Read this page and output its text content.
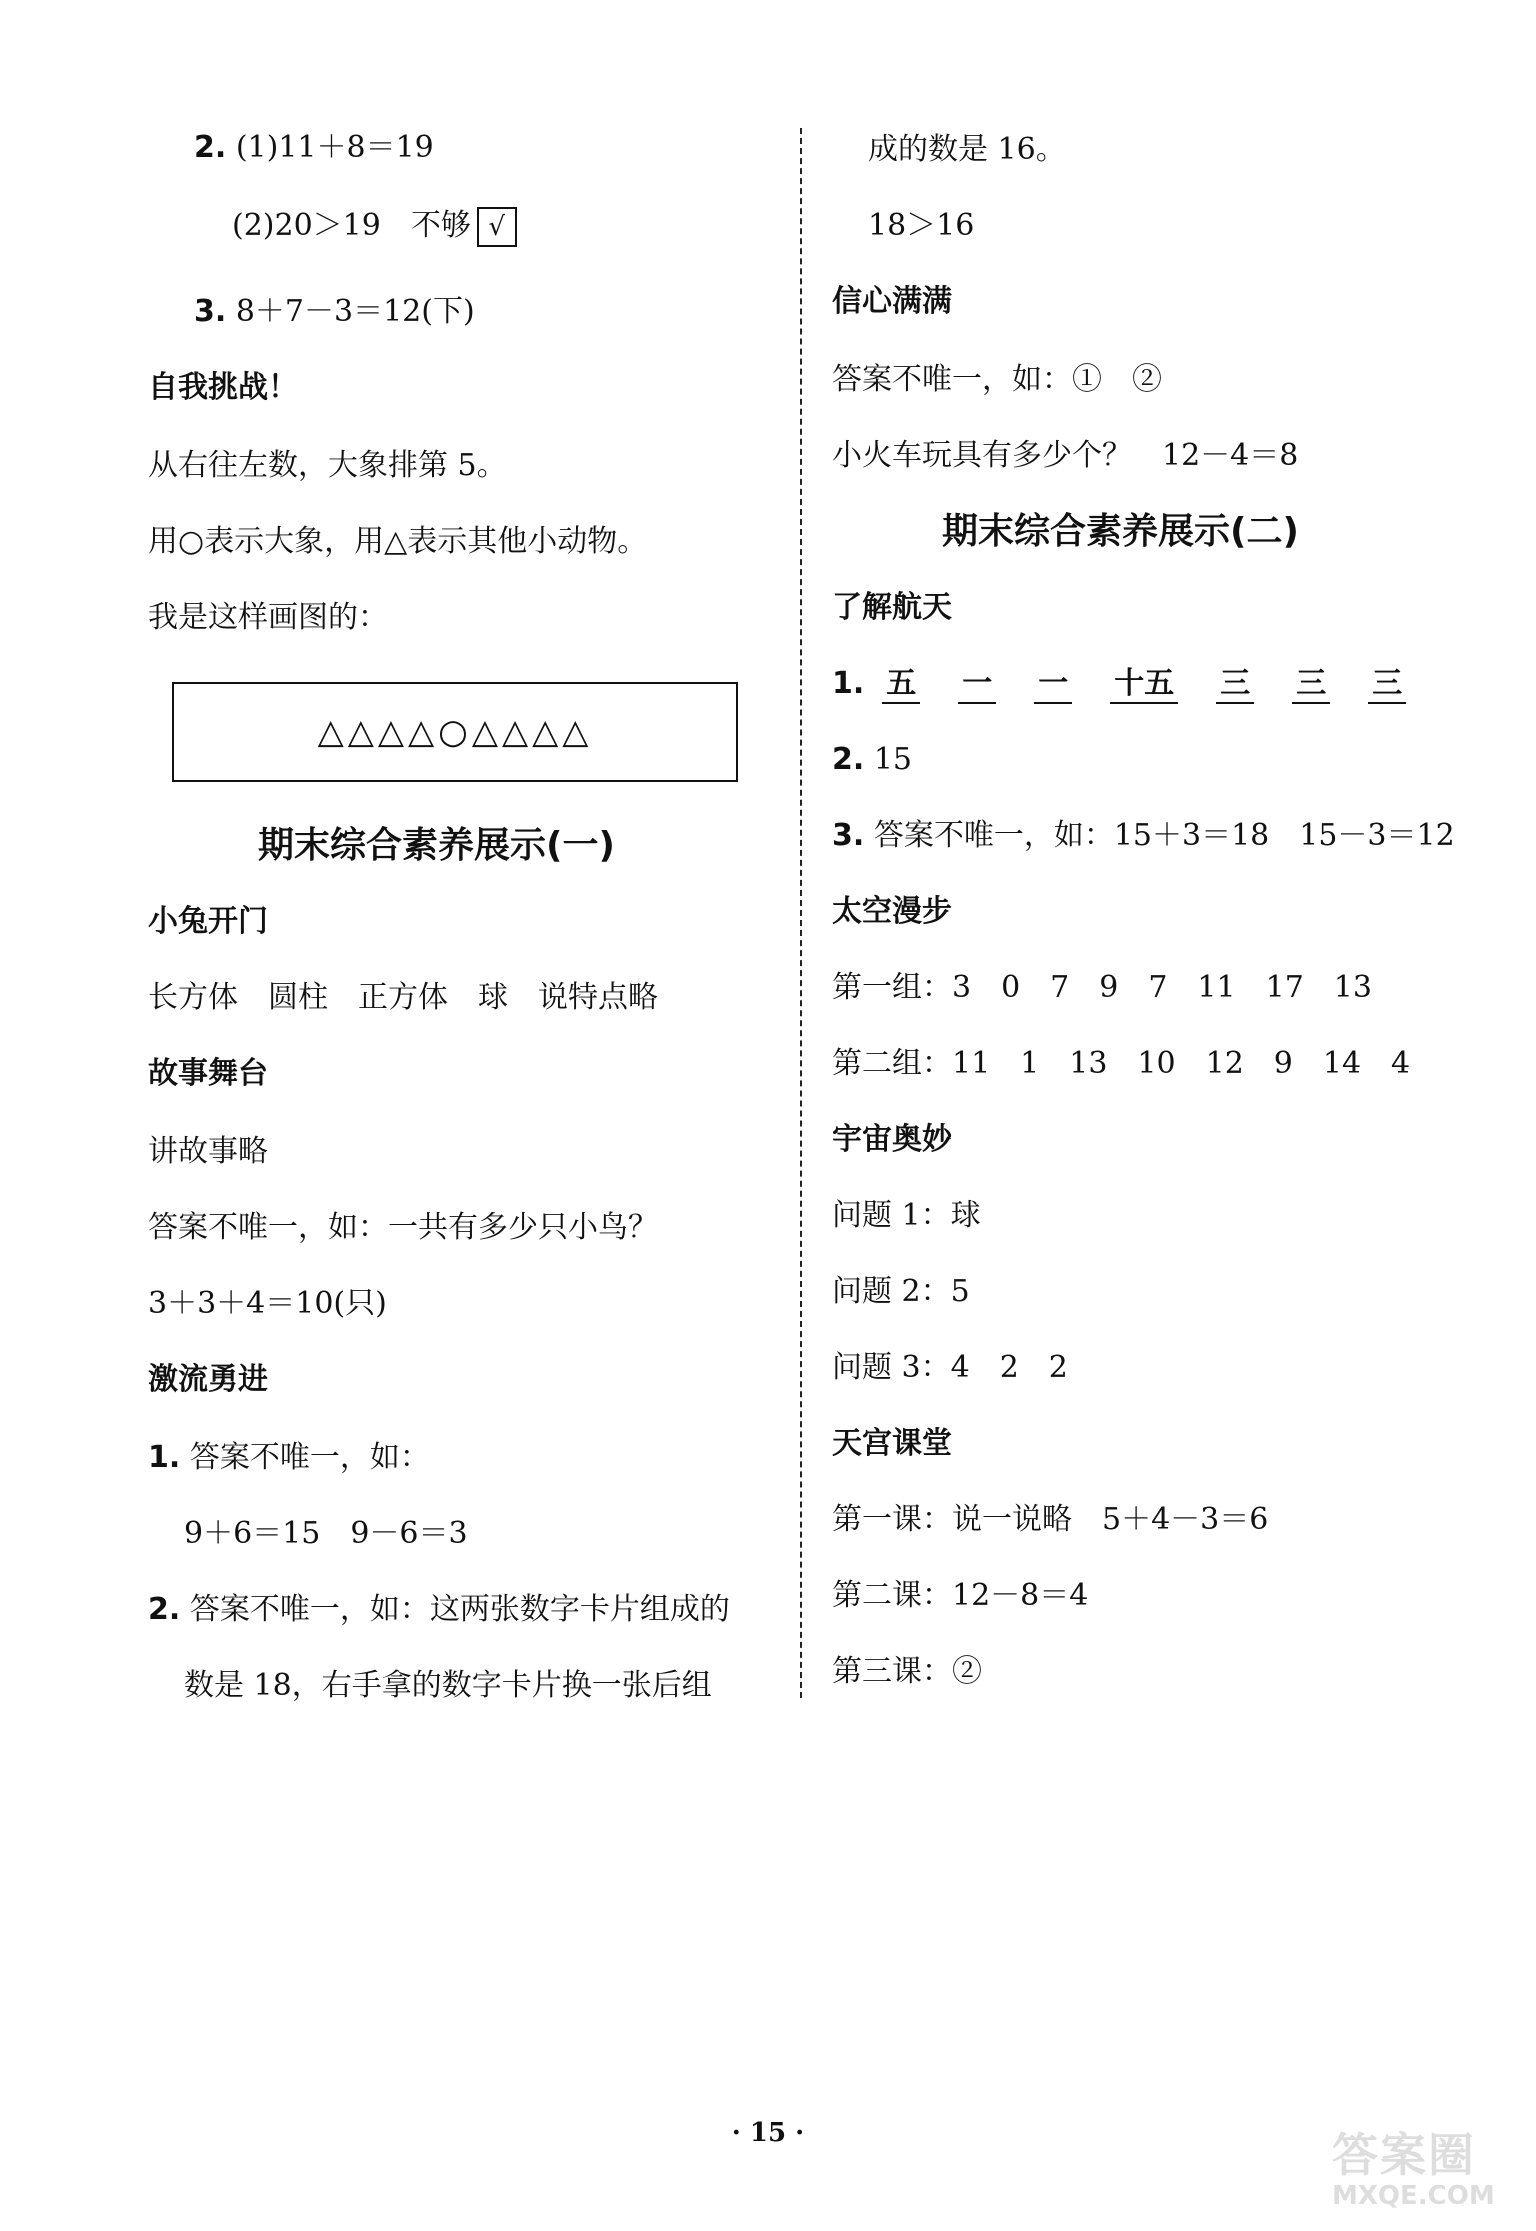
2. (1)11＋8＝19
(2)20＞19　不够 √
3. 8＋7－3＝12(下)
自我挑战！
从右往左数，大象排第 5。
用○表示大象，用△表示其他小动物。
我是这样画图的：
△△△△○△△△△
期末综合素养展示(一)
小兔开门
长方体　圆柱　正方体　球　说特点略
故事舞台
讲故事略
答案不唯一，如：一共有多少只小鸟？
3＋3＋4＝10(只)
激流勇进
1. 答案不唯一，如：
9＋6＝15　9－6＝3
2. 答案不唯一，如：这两张数字卡片组成的
数是 18，右手拿的数字卡片换一张后组
成的数是 16。
18＞16
信心满满
答案不唯一，如：①　②
小火车玩具有多少个？　12－4＝8
期末综合素养展示(二)
了解航天
1. 五 一 一 十五 三 三 三
2. 15
3. 答案不唯一，如：15＋3＝18　15－3＝12
太空漫步
第一组：3　0　7　9　7　11　17　13
第二组：11　1　13　10　12　9　14　4
宇宙奥妙
问题 1：球
问题 2：5
问题 3：4　2　2
天宫课堂
第一课：说一说略　5＋4－3＝6
第二课：12－8＝4
第三课：②
· 15 ·	答案圈
MXQE.COM
